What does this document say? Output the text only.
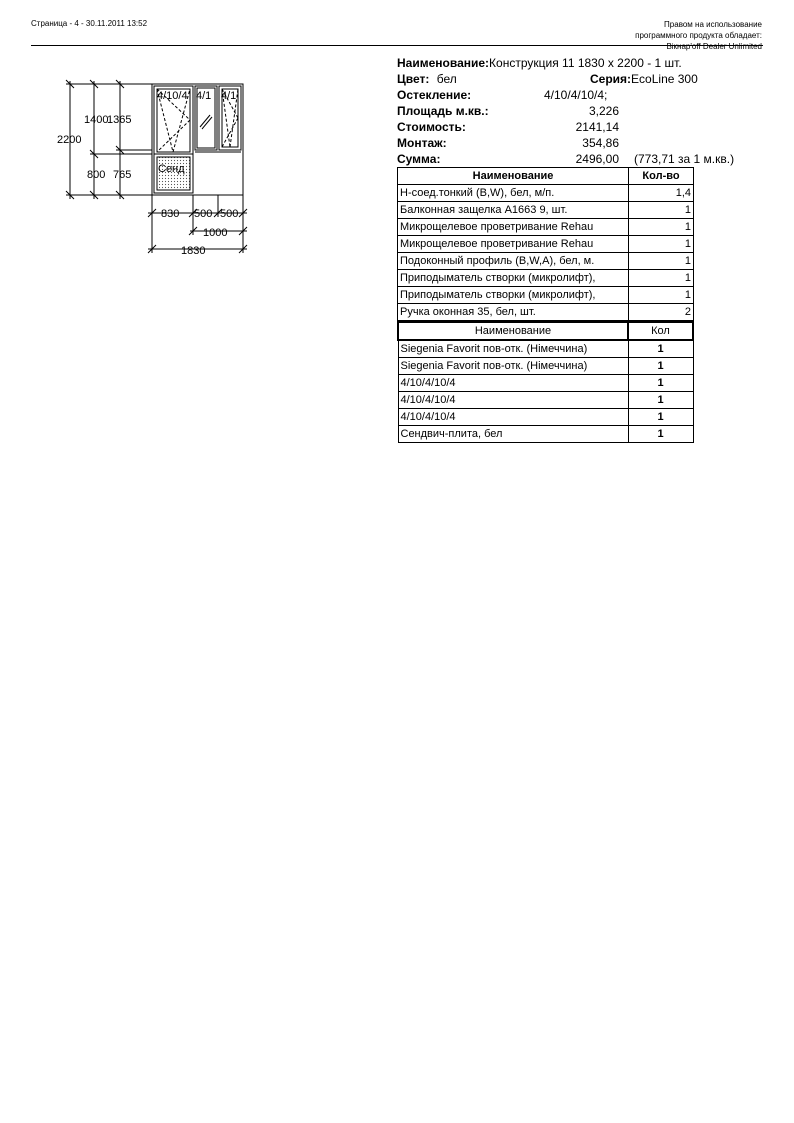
Страница - 4 - 30.11.2011 13:52	Правом на использование
программного продукта обладает:
Вікнар'off Dealer Unlimited
4/10/4 4/1 4/1
Сенд
2200
1400
1365
800 765
830 500 500
1000
1830
Наименование:Конструкция 11 1830 x 2200 - 1 шт.
Цвет: бел	Серия:EcoLine 300
Остекление:	4/10/4/10/4;
Площадь м.кв.:	3,226
Стоимость:	2141,14
Монтаж:	354,86
Сумма:	2496,00 (773,71 за 1 м.кв.)
Наименование	Кол-во

Н-соед.тонкий (B,W), бел, м/п.	1,4

Балконная защелка А1663 9, шт.	1

Микрощелевое проветривание Rehau	1

Микрощелевое проветривание Rehau	1

Подоконный профиль (B,W,A), бел, м.	1

Приподыматель створки (микролифт),	1

Приподыматель створки (микролифт),	1

Ручка оконная 35, бел, шт.	2
Наименование	Кол
Siegenia Favorit пов-отк. (Німеччина)	1
Siegenia Favorit пов-отк. (Німеччина)	1
4/10/4/10/4	1
4/10/4/10/4	1
4/10/4/10/4	1
Сендвич-плита, бел	1
